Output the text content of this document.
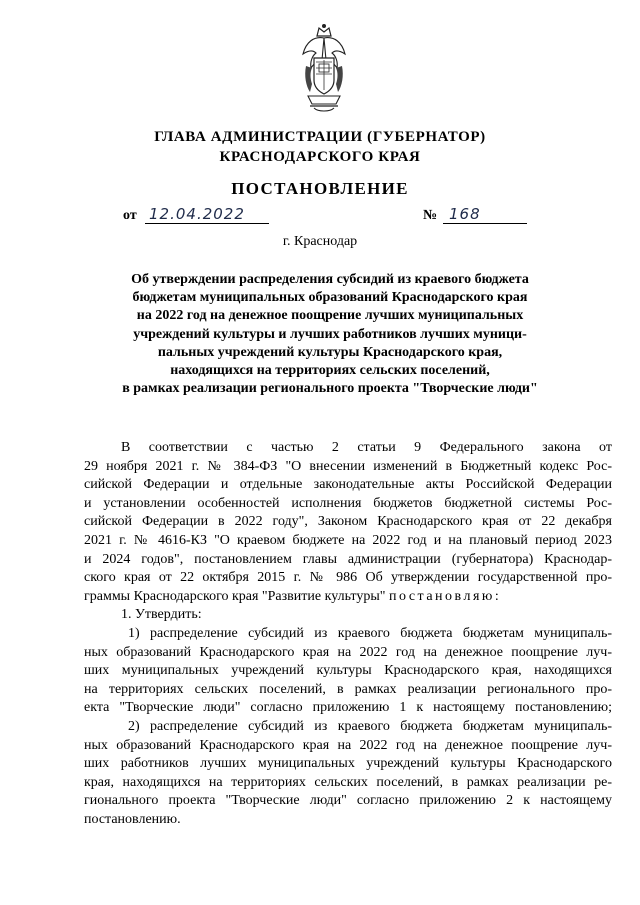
ГЛАВА АДМИНИСТРАЦИИ (ГУБЕРНАТОР)
КРАСНОДАРСКОГО КРАЯ
ПОСТАНОВЛЕНИЕ
от 12.04.2022	№ 168
г. Краснодар
Об утверждении распределения субсидий из краевого бюджета
бюджетам муниципальных образований Краснодарского края
на 2022 год на денежное поощрение лучших муниципальных
учреждений культуры и лучших работников лучших муници-
пальных учреждений культуры Краснодарского края,
находящихся на территориях сельских поселений,
в рамках реализации регионального проекта "Творческие люди"
В соответствии с частью 2 статьи 9 Федерального закона от
29 ноября 2021 г. № 384-ФЗ "О внесении изменений в Бюджетный кодекс Рос-
сийской Федерации и отдельные законодательные акты Российской Федерации
и установлении особенностей исполнения бюджетов бюджетной системы Рос-
сийской Федерации в 2022 году", Законом Краснодарского края от 22 декабря
2021 г. № 4616-КЗ "О краевом бюджете на 2022 год и на плановый период 2023
и 2024 годов", постановлением главы администрации (губернатора) Краснодар-
ского края от 22 октября 2015 г. № 986 Об утверждении государственной про-
граммы Краснодарского края "Развитие культуры" постановляю:
1. Утвердить:
1) распределение субсидий из краевого бюджета бюджетам муниципаль-
ных образований Краснодарского края на 2022 год на денежное поощрение луч-
ших муниципальных учреждений культуры Краснодарского края, находящихся
на территориях сельских поселений, в рамках реализации регионального про-
екта "Творческие люди" согласно приложению 1 к настоящему постановлению;
2) распределение субсидий из краевого бюджета бюджетам муниципаль-
ных образований Краснодарского края на 2022 год на денежное поощрение луч-
ших работников лучших муниципальных учреждений культуры Краснодарского
края, находящихся на территориях сельских поселений, в рамках реализации ре-
гионального проекта "Творческие люди" согласно приложению 2 к настоящему
постановлению.
